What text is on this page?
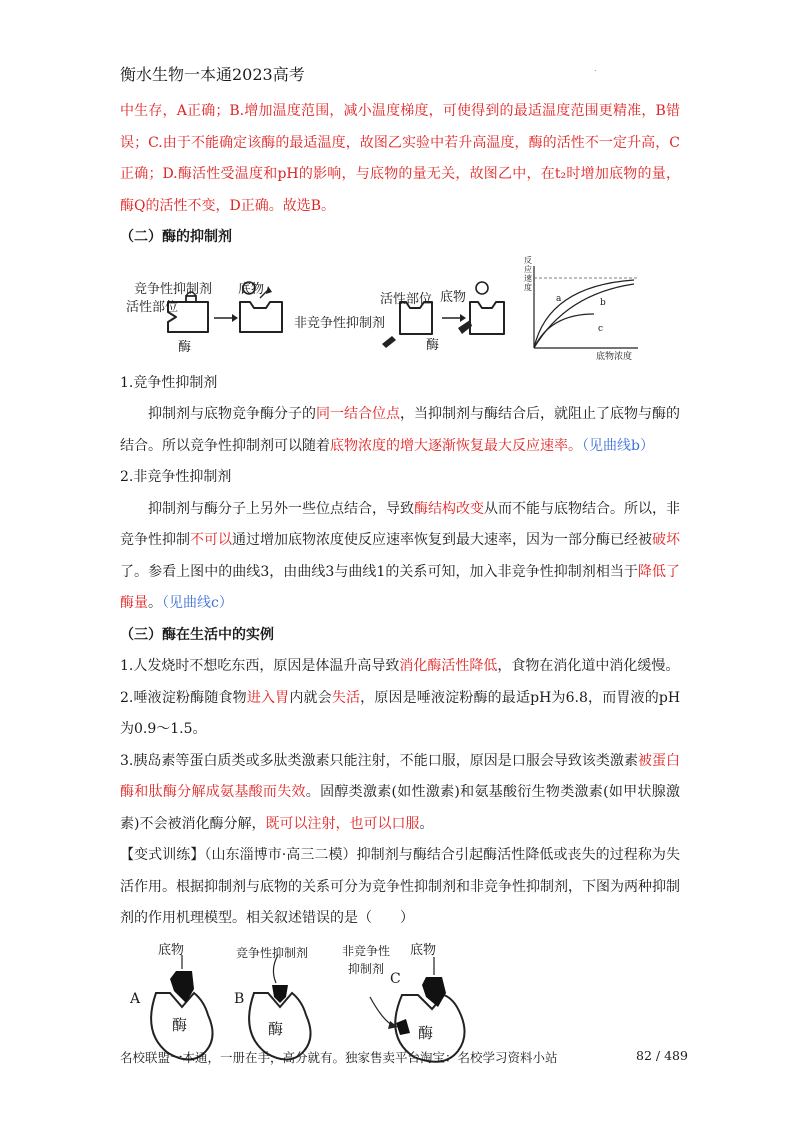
衡水生物一本通2023高考	.

中生存，A正确；B.增加温度范围，减小温度梯度，可使得到的最适温度范围更精准，B错误；C.由于不能确定该酶的最适温度，故图乙实验中若升高温度，酶的活性不一定升高，C正确；D.酶活性受温度和pH的影响，与底物的量无关，故图乙中，在t₂时增加底物的量，酶Q的活性不变，D正确。故选B。

（二）酶的抑制剂

竞争性抑制剂 底物
活性部位
酶
非竞争性抑制剂
活性部位 底物
酶
反应速度
底物浓度
a	b
c

1.竞争性抑制剂

抑制剂与底物竞争酶分子的同一结合位点，当抑制剂与酶结合后，就阻止了底物与酶的结合。所以竞争性抑制剂可以随着底物浓度的增大逐渐恢复最大反应速率。（见曲线b）

2.非竞争性抑制剂

抑制剂与酶分子上另外一些位点结合，导致酶结构改变从而不能与底物结合。所以，非竞争性抑制不可以通过增加底物浓度使反应速率恢复到最大速率，因为一部分酶已经被破坏了。参看上图中的曲线3，由曲线3与曲线1的关系可知，加入非竞争性抑制剂相当于降低了酶量。（见曲线c）

（三）酶在生活中的实例

1.人发烧时不想吃东西，原因是体温升高导致消化酶活性降低，食物在消化道中消化缓慢。

2.唾液淀粉酶随食物进入胃内就会失活，原因是唾液淀粉酶的最适pH为6.8，而胃液的pH为0.9～1.5。

3.胰岛素等蛋白质类或多肽类激素只能注射，不能口服，原因是口服会导致该类激素被蛋白酶和肽酶分解成氨基酸而失效。固醇类激素(如性激素)和氨基酸衍生物类激素(如甲状腺激素)不会被消化酶分解，既可以注射，也可以口服。

【变式训练】（山东淄博市·高三二模）抑制剂与酶结合引起酶活性降低或丧失的过程称为失活作用。根据抑制剂与底物的关系可分为竞争性抑制剂和非竞争性抑制剂，下图为两种抑制剂的作用机理模型。相关叙述错误的是（　　）

A
底物
酶
B
竞争性抑制剂
酶
C
非竞争性
抑制剂
底物
酶
名校联盟一本通，一册在手，高分就有。独家售卖平台淘宝：名校学习资料小站	82 / 489
